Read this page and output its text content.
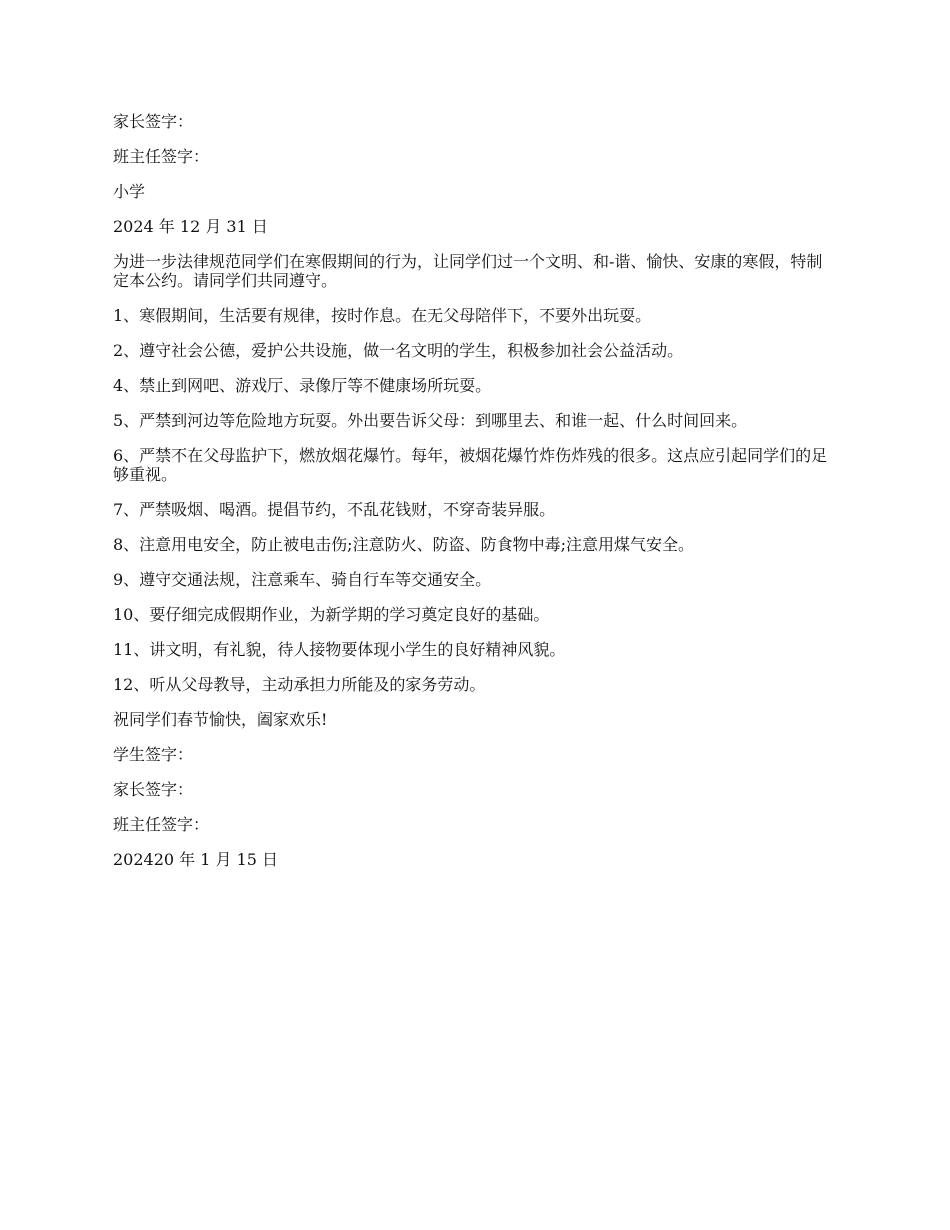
家长签字：

班主任签字：

小学

2024 年 12 月 31 日

为进一步法律规范同学们在寒假期间的行为，让同学们过一个文明、和-谐、愉快、安康的寒假，特制定本公约。请同学们共同遵守。

1、寒假期间，生活要有规律，按时作息。在无父母陪伴下，不要外出玩耍。

2、遵守社会公德，爱护公共设施，做一名文明的学生，积极参加社会公益活动。

4、禁止到网吧、游戏厅、录像厅等不健康场所玩耍。

5、严禁到河边等危险地方玩耍。外出要告诉父母：到哪里去、和谁一起、什么时间回来。

6、严禁不在父母监护下，燃放烟花爆竹。每年，被烟花爆竹炸伤炸残的很多。这点应引起同学们的足够重视。

7、严禁吸烟、喝酒。提倡节约，不乱花钱财，不穿奇装异服。

8、注意用电安全，防止被电击伤;注意防火、防盗、防食物中毒;注意用煤气安全。

9、遵守交通法规，注意乘车、骑自行车等交通安全。

10、要仔细完成假期作业，为新学期的学习奠定良好的基础。

11、讲文明，有礼貌，待人接物要体现小学生的良好精神风貌。

12、听从父母教导，主动承担力所能及的家务劳动。

祝同学们春节愉快，阖家欢乐!

学生签字：

家长签字：

班主任签字：

202420 年 1 月 15 日
